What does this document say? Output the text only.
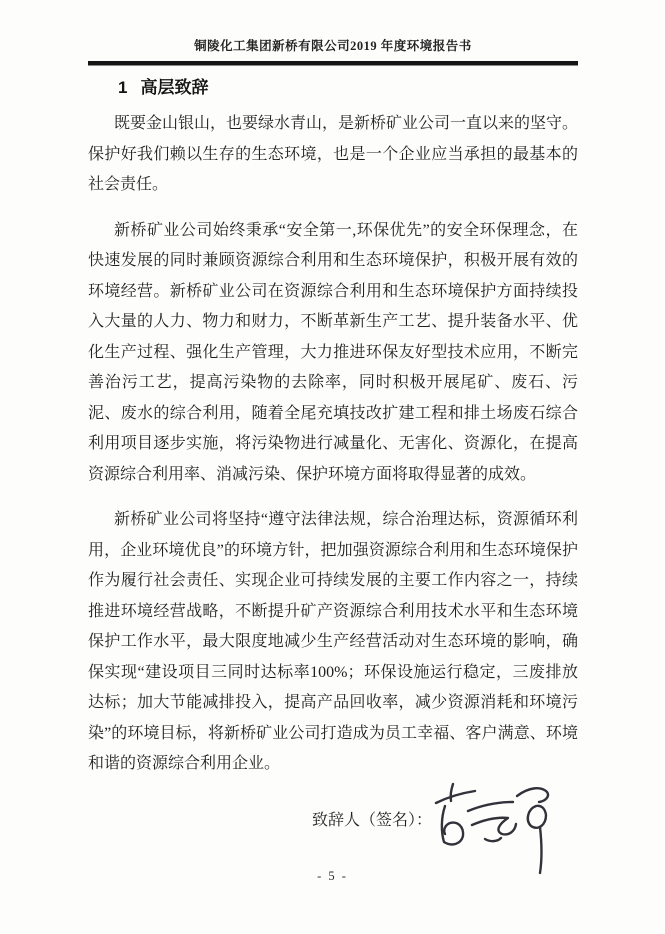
铜陵化工集团新桥有限公司2019 年度环境报告书
1 高层致辞

既要金山银山，也要绿水青山，是新桥矿业公司一直以来的坚守。保护好我们赖以生存的生态环境，也是一个企业应当承担的最基本的社会责任。

新桥矿业公司始终秉承“安全第一,环保优先”的安全环保理念，在快速发展的同时兼顾资源综合利用和生态环境保护，积极开展有效的环境经营。新桥矿业公司在资源综合利用和生态环境保护方面持续投入大量的人力、物力和财力，不断革新生产工艺、提升装备水平、优化生产过程、强化生产管理，大力推进环保友好型技术应用，不断完善治污工艺，提高污染物的去除率，同时积极开展尾矿、废石、污泥、废水的综合利用，随着全尾充填技改扩建工程和排土场废石综合利用项目逐步实施，将污染物进行减量化、无害化、资源化，在提高资源综合利用率、消减污染、保护环境方面将取得显著的成效。

新桥矿业公司将坚持“遵守法律法规，综合治理达标，资源循环利用，企业环境优良”的环境方针，把加强资源综合利用和生态环境保护作为履行社会责任、实现企业可持续发展的主要工作内容之一，持续推进环境经营战略，不断提升矿产资源综合利用技术水平和生态环境保护工作水平，最大限度地减少生产经营活动对生态环境的影响，确保实现“建设项目三同时达标率100%；环保设施运行稳定，三废排放达标；加大节能减排投入，提高产品回收率，减少资源消耗和环境污染”的环境目标，将新桥矿业公司打造成为员工幸福、客户满意、环境和谐的资源综合利用企业。

致辞人（签名）：
- 5 -
